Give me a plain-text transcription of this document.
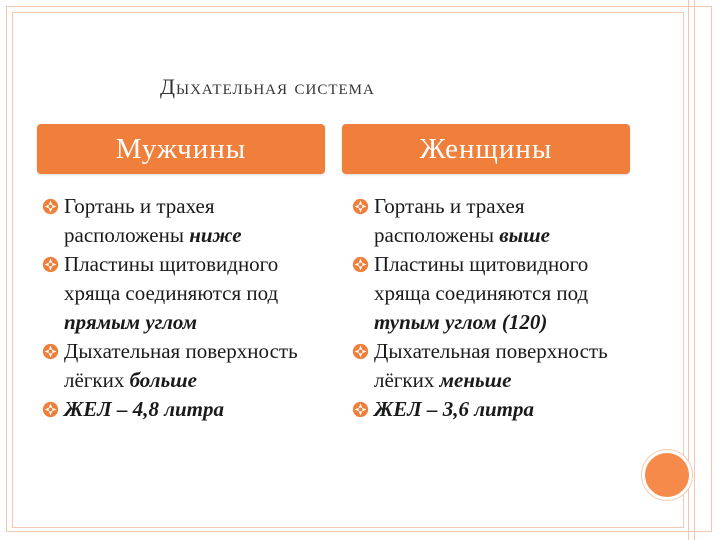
Дыхательная система
Мужчины	Женщины
Гортань и трахея расположены ниже
Пластины щитовидного хряща соединяются под прямым углом
Дыхательная поверхность лёгких больше
ЖЕЛ – 4,8 литра
Гортань и трахея расположены выше
Пластины щитовидного хряща соединяются под тупым углом (120)
Дыхательная поверхность лёгких меньше
ЖЕЛ – 3,6 литра
